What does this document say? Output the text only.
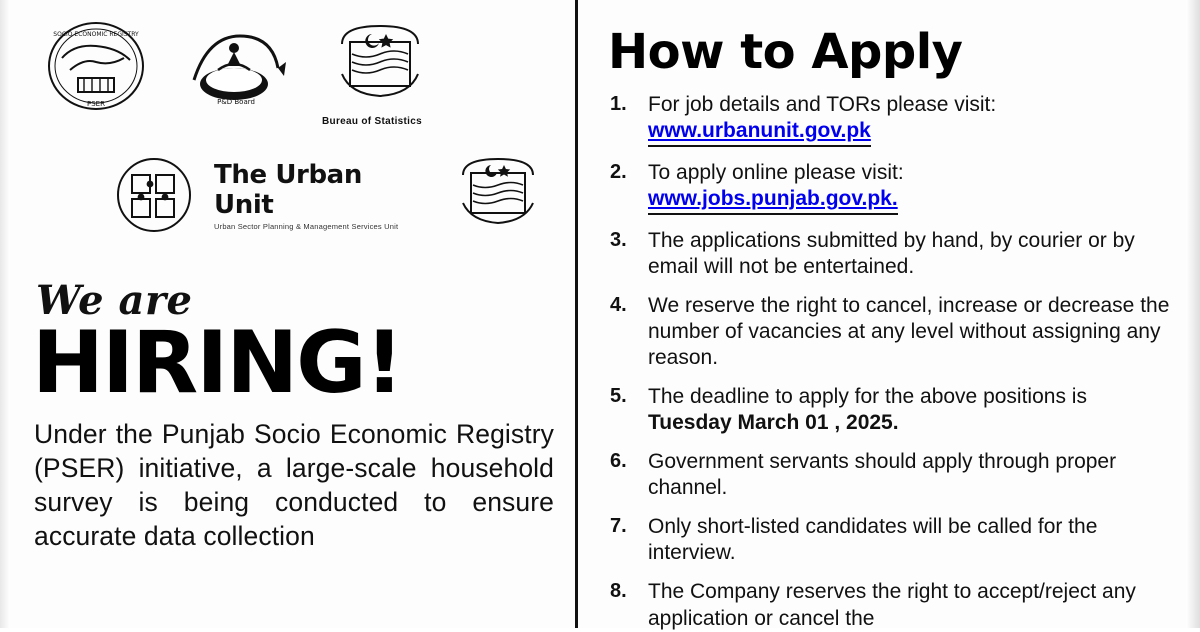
PSER
SOCIO ECONOMIC REGISTRY
P&D Board
Bureau of Statistics
The Urban Unit
Urban Sector Planning & Management Services Unit
We are
HIRING!
Under the Punjab Socio Economic Registry (PSER) initiative, a large-scale household survey is being conducted to ensure accurate data collection
How to Apply
1. For job details and TORs please visit:
www.urbanunit.gov.pk
2. To apply online please visit:
www.jobs.punjab.gov.pk.
3. The applications submitted by hand, by courier or by email will not be entertained.
4. We reserve the right to cancel, increase or decrease the number of vacancies at any level without assigning any reason.
5. The deadline to apply for the above positions is Tuesday March 01 , 2025.
6. Government servants should apply through proper channel.
7. Only short-listed candidates will be called for the interview.
8. The Company reserves the right to accept/reject any application or cancel the
